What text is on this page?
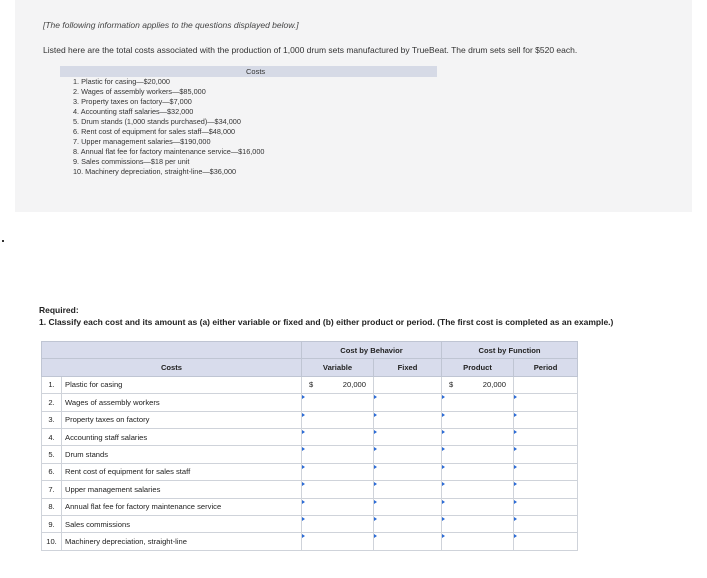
[The following information applies to the questions displayed below.]
Listed here are the total costs associated with the production of 1,000 drum sets manufactured by TrueBeat. The drum sets sell for $520 each.
Costs
1. Plastic for casing—$20,000
2. Wages of assembly workers—$85,000
3. Property taxes on factory—$7,000
4. Accounting staff salaries—$32,000
5. Drum stands (1,000 stands purchased)—$34,000
6. Rent cost of equipment for sales staff—$48,000
7. Upper management salaries—$190,000
8. Annual flat fee for factory maintenance service—$16,000
9. Sales commissions—$18 per unit
10. Machinery depreciation, straight-line—$36,000
Required:
1. Classify each cost and its amount as (a) either variable or fixed and (b) either product or period. (The first cost is completed as an example.)
		Cost by Behavior		Cost by Function	
Costs		Variable	Fixed	Product	Period
1.	Plastic for casing	$ 20,000		$ 20,000	

2.	Wages of assembly workers				
3.	Property taxes on factory				
4.	Accounting staff salaries				
5.	Drum stands				
6.	Rent cost of equipment for sales staff				
7.	Upper management salaries				
8.	Annual flat fee for factory maintenance service				
9.	Sales commissions				
10.	Machinery depreciation, straight-line				
